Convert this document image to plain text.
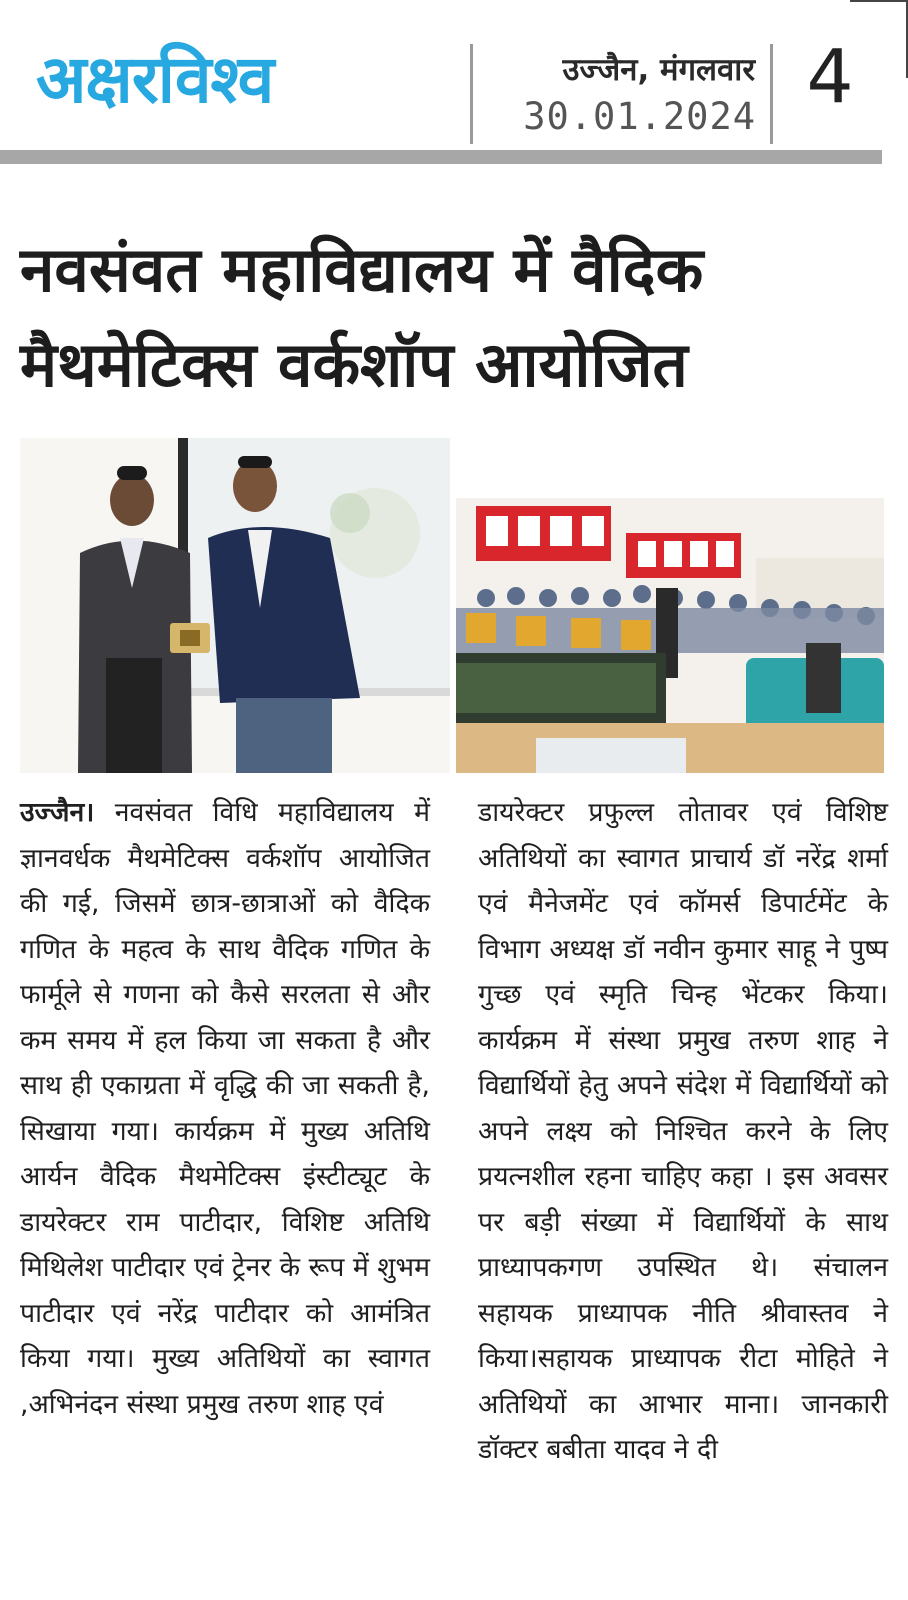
अक्षरविश्व	उज्जैन, मंगलवार
30.01.2024 4
नवसंवत महाविद्यालय में वैदिक
मैथमेटिक्स वर्कशॉप आयोजित

उज्जैन। नवसंवत विधि महाविद्यालय में ज्ञानवर्धक मैथमेटिक्स वर्कशॉप आयोजित की गई, जिसमें छात्र-छात्राओं को वैदिक गणित के महत्व के साथ वैदिक गणित के फार्मूले से गणना को कैसे सरलता से और कम समय में हल किया जा सकता है और साथ ही एकाग्रता में वृद्धि की जा सकती है, सिखाया गया। कार्यक्रम में मुख्य अतिथि आर्यन वैदिक मैथमेटिक्स इंस्टीट्यूट के डायरेक्टर राम पाटीदार, विशिष्ट अतिथि मिथिलेश पाटीदार एवं ट्रेनर के रूप में शुभम पाटीदार एवं नरेंद्र पाटीदार को आमंत्रित किया गया। मुख्य अतिथियों का स्वागत ,अभिनंदन संस्था प्रमुख तरुण शाह एवं

डायरेक्टर प्रफुल्ल तोतावर एवं विशिष्ट अतिथियों का स्वागत प्राचार्य डॉ नरेंद्र शर्मा एवं मैनेजमेंट एवं कॉमर्स डिपार्टमेंट के विभाग अध्यक्ष डॉ नवीन कुमार साहू ने पुष्प गुच्छ एवं स्मृति चिन्ह भेंटकर किया। कार्यक्रम में संस्था प्रमुख तरुण शाह ने विद्यार्थियों हेतु अपने संदेश में विद्यार्थियों को अपने लक्ष्य को निश्चित करने के लिए प्रयत्नशील रहना चाहिए कहा । इस अवसर पर बड़ी संख्या में विद्यार्थियों के साथ प्राध्यापकगण उपस्थित थे। संचालन सहायक प्राध्यापक नीति श्रीवास्तव ने किया।सहायक प्राध्यापक रीटा मोहिते ने अतिथियों का आभार माना। जानकारी डॉक्टर बबीता यादव ने दी
